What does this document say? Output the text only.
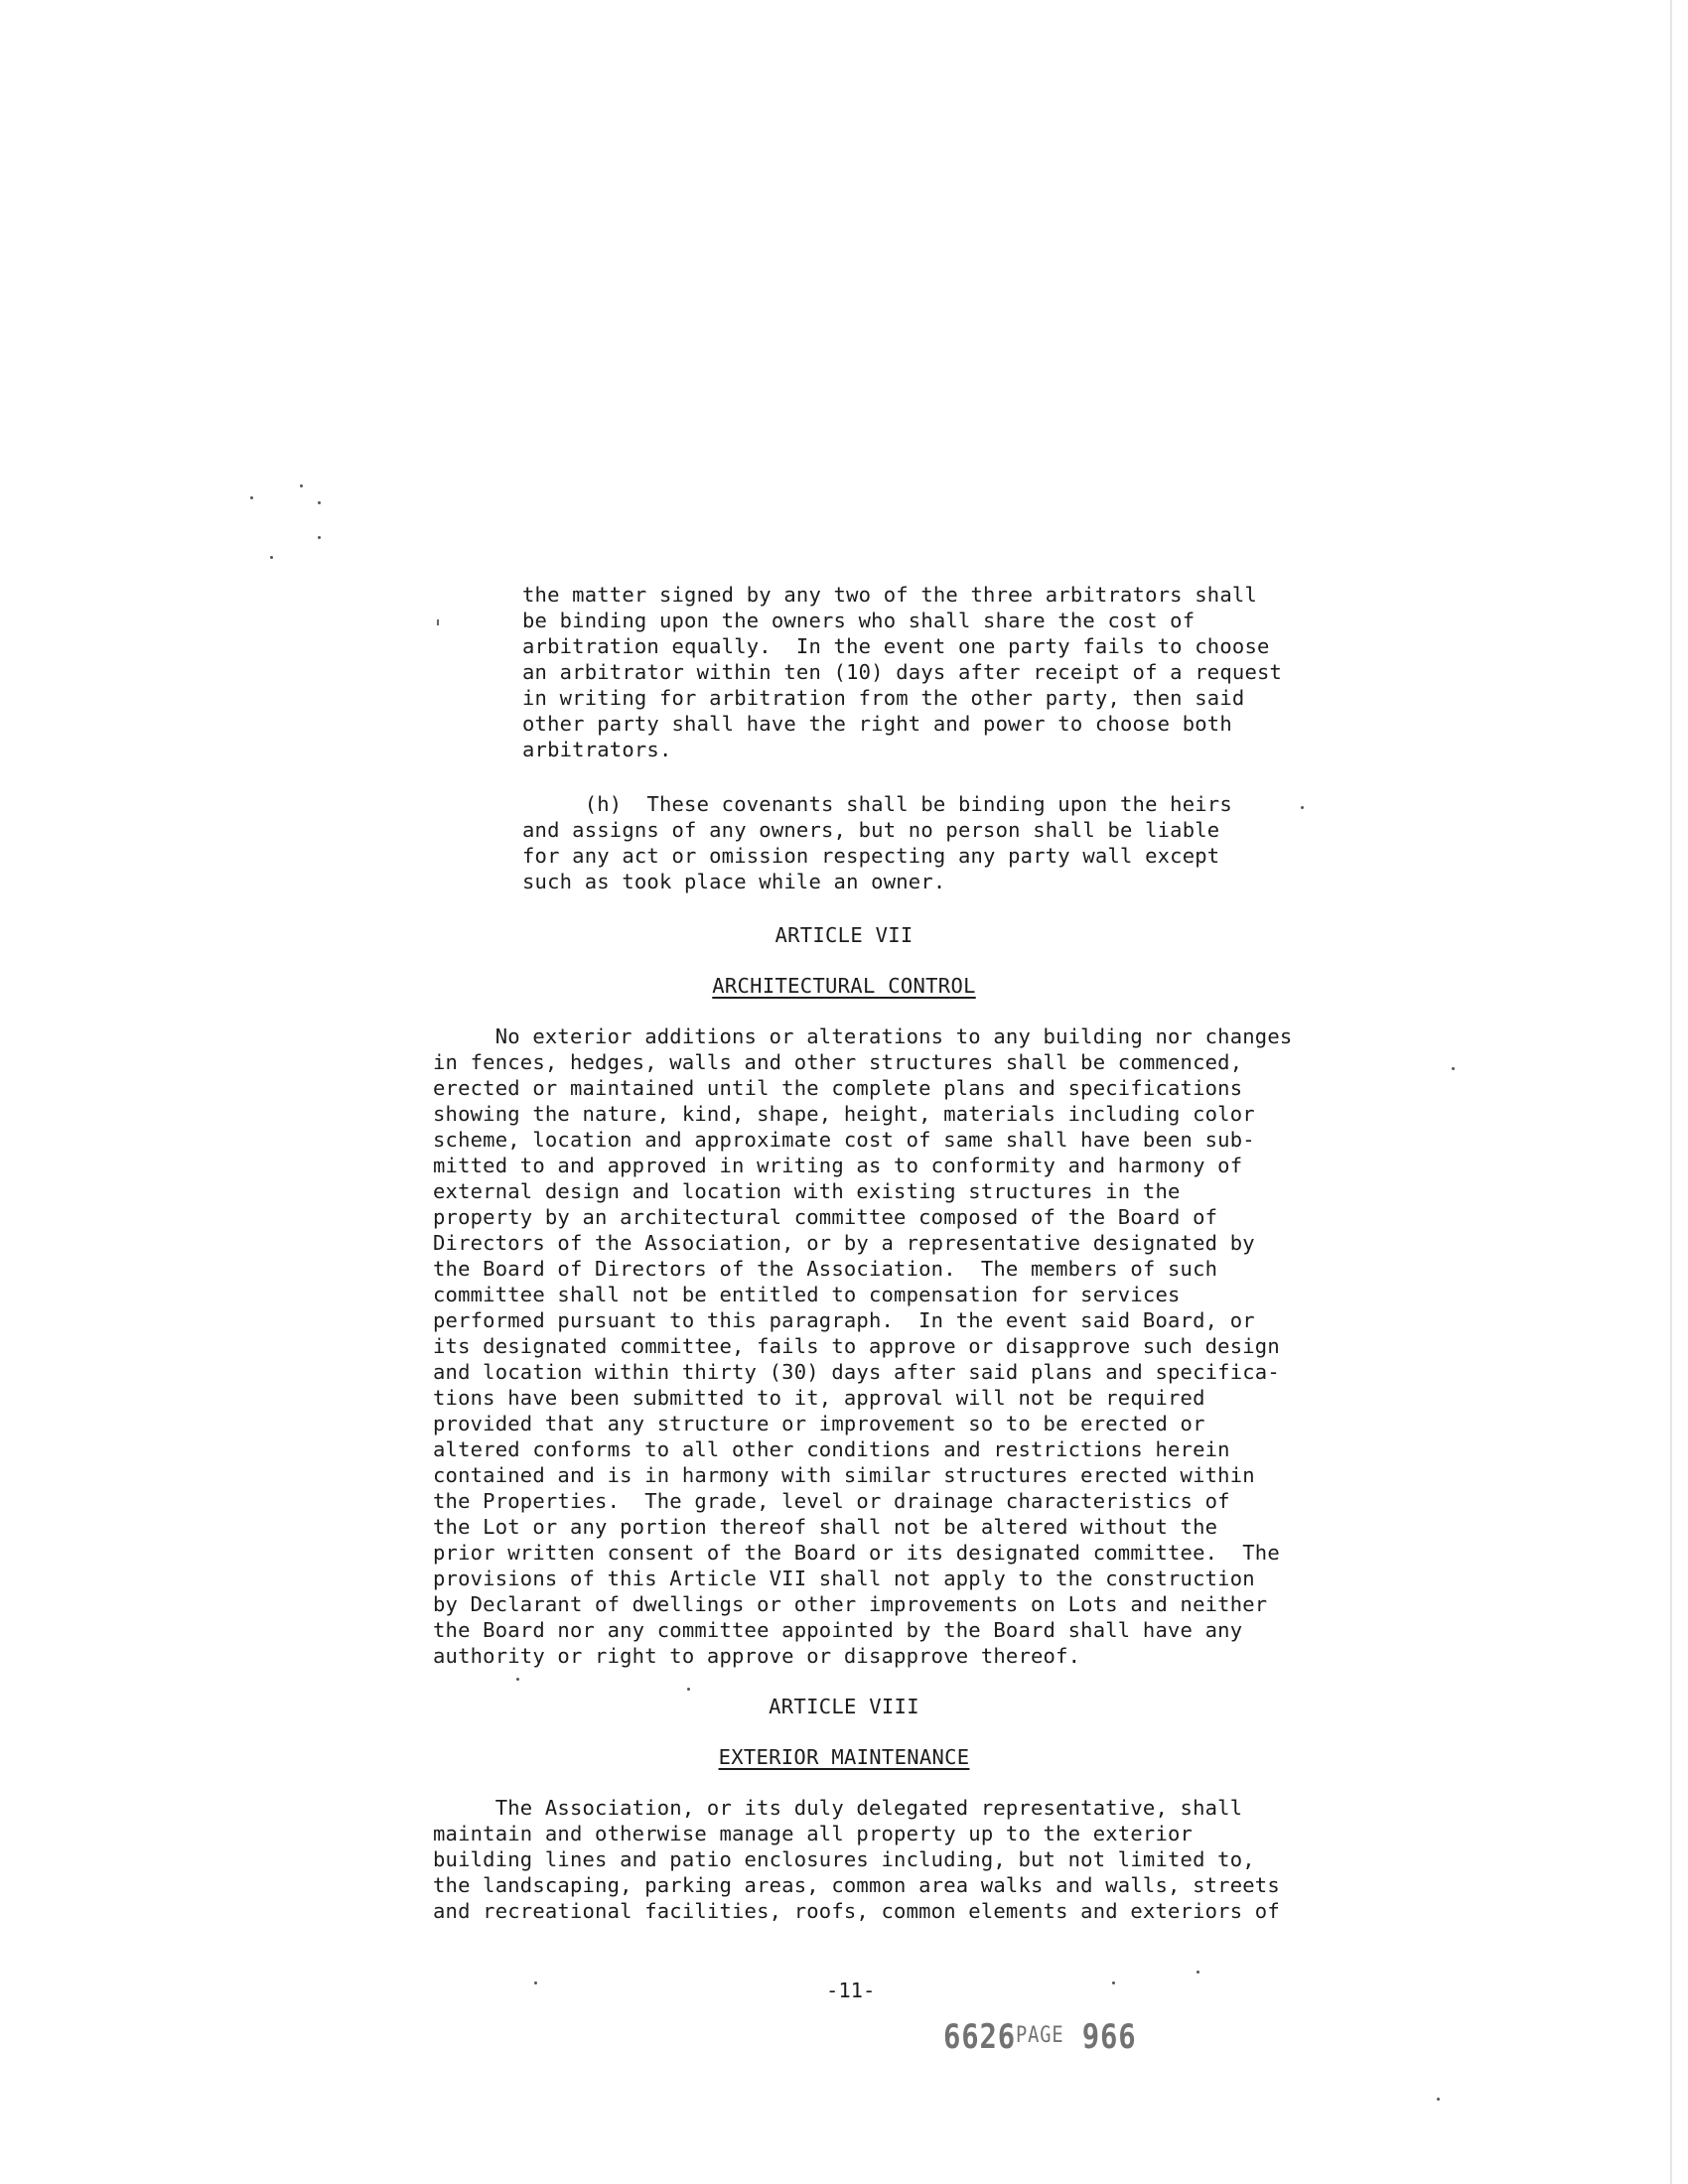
the matter signed by any two of the three arbitrators shall
be binding upon the owners who shall share the cost of
arbitration equally.  In the event one party fails to choose
an arbitrator within ten (10) days after receipt of a request
in writing for arbitration from the other party, then said
other party shall have the right and power to choose both
arbitrators.

(h)  These covenants shall be binding upon the heirs
and assigns of any owners, but no person shall be liable
for any act or omission respecting any party wall except
such as took place while an owner.

ARTICLE VII

ARCHITECTURAL CONTROL

No exterior additions or alterations to any building nor changes
in fences, hedges, walls and other structures shall be commenced,
erected or maintained until the complete plans and specifications
showing the nature, kind, shape, height, materials including color
scheme, location and approximate cost of same shall have been sub-
mitted to and approved in writing as to conformity and harmony of
external design and location with existing structures in the
property by an architectural committee composed of the Board of
Directors of the Association, or by a representative designated by
the Board of Directors of the Association.  The members of such
committee shall not be entitled to compensation for services
performed pursuant to this paragraph.  In the event said Board, or
its designated committee, fails to approve or disapprove such design
and location within thirty (30) days after said plans and specifica-
tions have been submitted to it, approval will not be required
provided that any structure or improvement so to be erected or
altered conforms to all other conditions and restrictions herein
contained and is in harmony with similar structures erected within
the Properties.  The grade, level or drainage characteristics of
the Lot or any portion thereof shall not be altered without the
prior written consent of the Board or its designated committee.  The
provisions of this Article VII shall not apply to the construction
by Declarant of dwellings or other improvements on Lots and neither
the Board nor any committee appointed by the Board shall have any
authority or right to approve or disapprove thereof.

ARTICLE VIII

EXTERIOR MAINTENANCE

The Association, or its duly delegated representative, shall
maintain and otherwise manage all property up to the exterior
building lines and patio enclosures including, but not limited to,
the landscaping, parking areas, common area walks and walls, streets
and recreational facilities, roofs, common elements and exteriors of

-11-
6626PAGE 966
